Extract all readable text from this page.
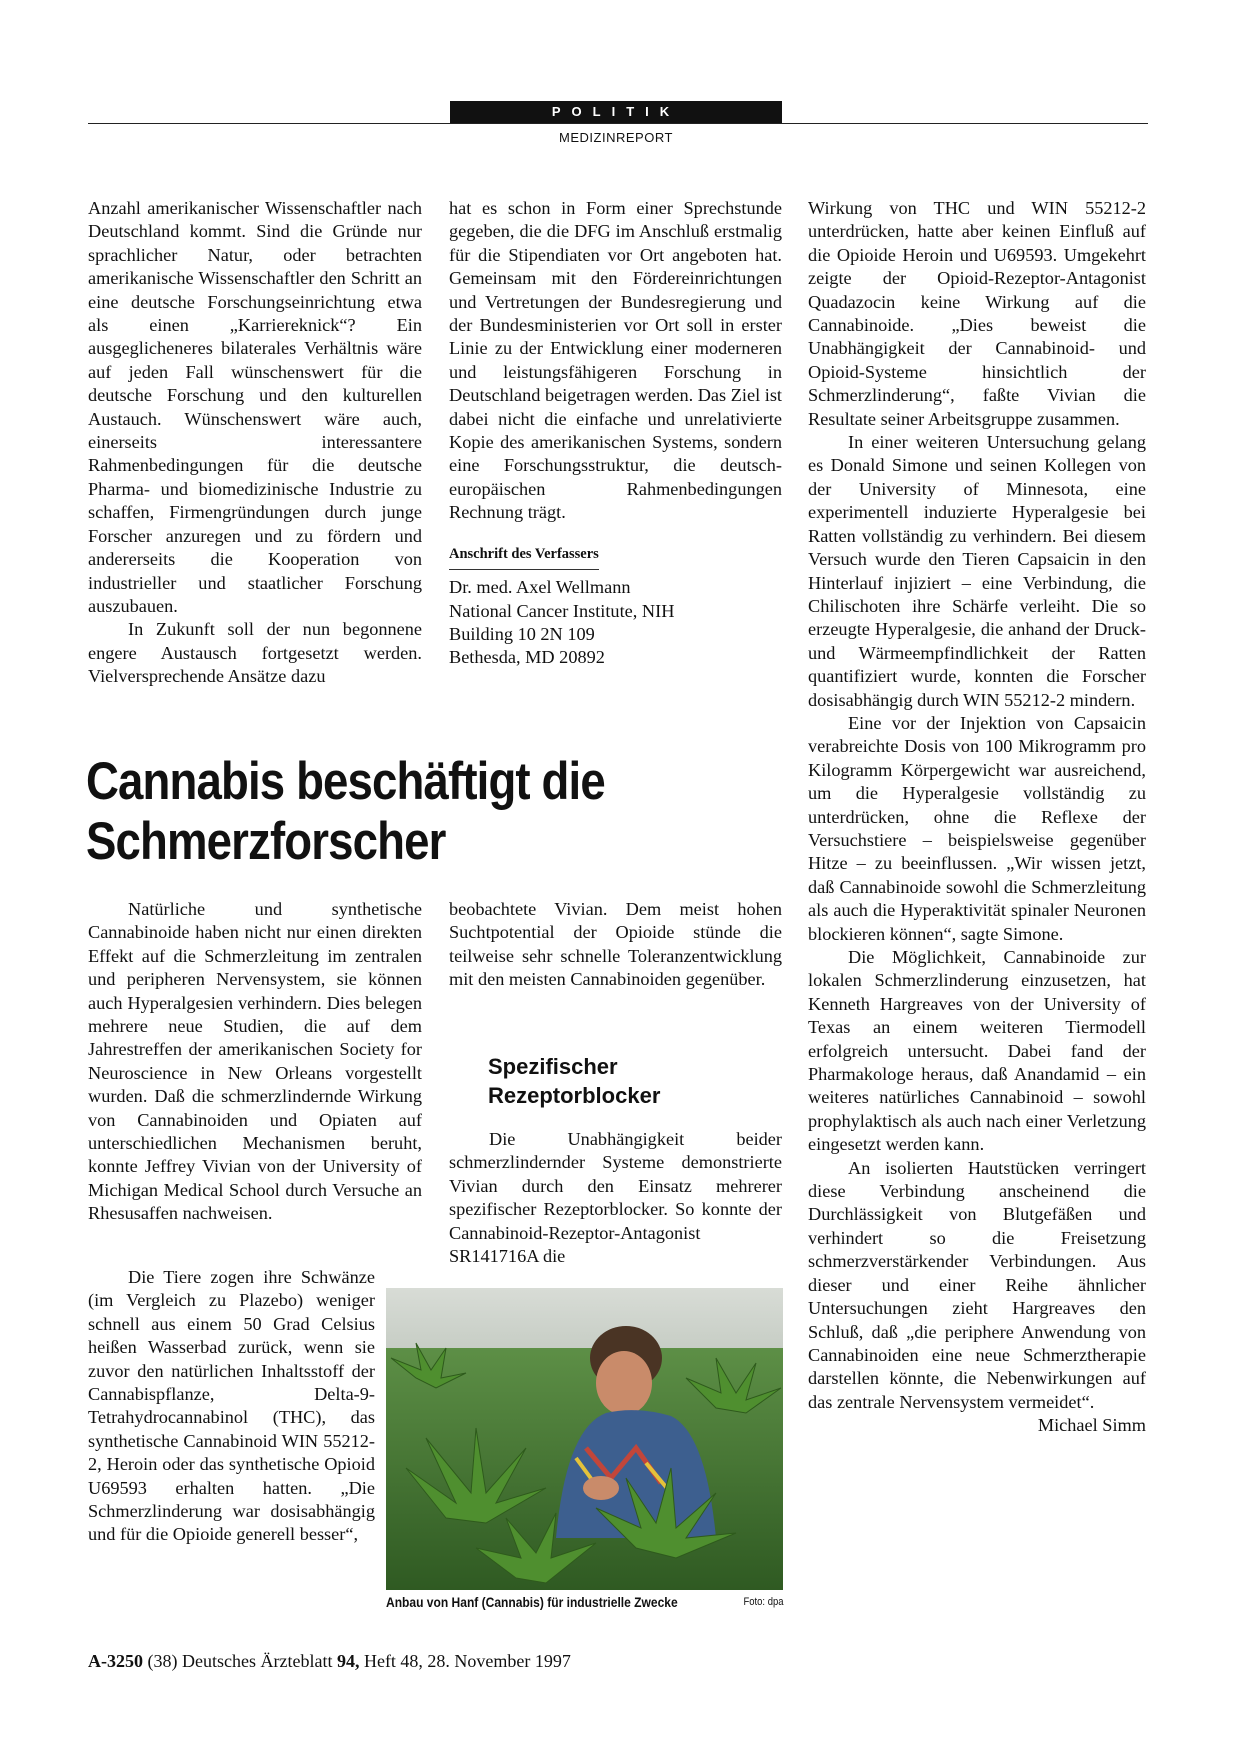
POLITIK
MEDIZINREPORT

Anzahl amerikanischer Wissenschaftler nach Deutschland kommt. Sind die Gründe nur sprachlicher Natur, oder betrachten amerikanische Wissenschaftler den Schritt an eine deutsche Forschungseinrichtung etwa als einen „Karriereknick“? Ein ausgeglicheneres bilaterales Verhältnis wäre auf jeden Fall wünschenswert für die deutsche Forschung und den kulturellen Austauch. Wünschenswert wäre auch, einerseits interessantere Rahmenbedingungen für die deutsche Pharma- und biomedizinische Industrie zu schaffen, Firmengründungen durch junge Forscher anzuregen und zu fördern und andererseits die Kooperation von industrieller und staatlicher Forschung auszubauen.

In Zukunft soll der nun begonnene engere Austausch fortgesetzt werden. Vielversprechende Ansätze dazu

hat es schon in Form einer Sprechstunde gegeben, die die DFG im Anschluß erstmalig für die Stipendiaten vor Ort angeboten hat. Gemeinsam mit den Fördereinrichtungen und Vertretungen der Bundesregierung und der Bundesministerien vor Ort soll in erster Linie zu der Entwicklung einer moderneren und leistungsfähigeren Forschung in Deutschland beigetragen werden. Das Ziel ist dabei nicht die einfache und unrelativierte Kopie des amerikanischen Systems, sondern eine Forschungsstruktur, die deutsch-europäischen Rahmenbedingungen Rechnung trägt.

Anschrift des Verfassers

Dr. med. Axel Wellmann

National Cancer Institute, NIH

Building 10 2N 109

Bethesda, MD 20892

Cannabis beschäftigt die
Schmerzforscher

Natürliche und synthetische Cannabinoide haben nicht nur einen direkten Effekt auf die Schmerzleitung im zentralen und peripheren Nervensystem, sie können auch Hyperalgesien verhindern. Dies belegen mehrere neue Studien, die auf dem Jahrestreffen der amerikanischen Society for Neuroscience in New Orleans vorgestellt wurden. Daß die schmerzlindernde Wirkung von Cannabinoiden und Opiaten auf unterschiedlichen Mechanismen beruht, konnte Jeffrey Vivian von der University of Michigan Medical School durch Versuche an Rhesusaffen nachweisen.

Die Tiere zogen ihre Schwänze (im Vergleich zu Plazebo) weniger schnell aus einem 50 Grad Celsius heißen Wasserbad zurück, wenn sie zuvor den natürlichen Inhaltsstoff der Cannabispflanze, Delta-9-Tetrahydrocannabinol (THC), das synthetische Cannabinoid WIN 55212-2, Heroin oder das synthetische Opioid U69593 erhalten hatten. „Die Schmerzlinderung war dosisabhängig und für die Opioide generell besser“,

beobachtete Vivian. Dem meist hohen Suchtpotential der Opioide stünde die teilweise sehr schnelle Toleranzentwicklung mit den meisten Cannabinoiden gegenüber.

Spezifischer
Rezeptorblocker

Die Unabhängigkeit beider schmerzlindernder Systeme demonstrierte Vivian durch den Einsatz mehrerer spezifischer Rezeptorblocker. So konnte der Cannabinoid-Rezeptor-Antagonist SR141716A die

Wirkung von THC und WIN 55212-2 unterdrücken, hatte aber keinen Einfluß auf die Opioide Heroin und U69593. Umgekehrt zeigte der Opioid-Rezeptor-Antagonist Quadazocin keine Wirkung auf die Cannabinoide. „Dies beweist die Unabhängigkeit der Cannabinoid- und Opioid-Systeme hinsichtlich der Schmerzlinderung“, faßte Vivian die Resultate seiner Arbeitsgruppe zusammen.

In einer weiteren Untersuchung gelang es Donald Simone und seinen Kollegen von der University of Minnesota, eine experimentell induzierte Hyperalgesie bei Ratten vollständig zu verhindern. Bei diesem Versuch wurde den Tieren Capsaicin in den Hinterlauf injiziert – eine Verbindung, die Chilischoten ihre Schärfe verleiht. Die so erzeugte Hyperalgesie, die anhand der Druck- und Wärmeempfindlichkeit der Ratten quantifiziert wurde, konnten die Forscher dosisabhängig durch WIN 55212-2 mindern.

Eine vor der Injektion von Capsaicin verabreichte Dosis von 100 Mikrogramm pro Kilogramm Körpergewicht war ausreichend, um die Hyperalgesie vollständig zu unterdrücken, ohne die Reflexe der Versuchstiere – beispielsweise gegenüber Hitze – zu beeinflussen. „Wir wissen jetzt, daß Cannabinoide sowohl die Schmerzleitung als auch die Hyperaktivität spinaler Neuronen blockieren können“, sagte Simone.

Die Möglichkeit, Cannabinoide zur lokalen Schmerzlinderung einzusetzen, hat Kenneth Hargreaves von der University of Texas an einem weiteren Tiermodell erfolgreich untersucht. Dabei fand der Pharmakologe heraus, daß Anandamid – ein weiteres natürliches Cannabinoid – sowohl prophylaktisch als auch nach einer Verletzung eingesetzt werden kann.

An isolierten Hautstücken verringert diese Verbindung anscheinend die Durchlässigkeit von Blutgefäßen und verhindert so die Freisetzung schmerzverstärkender Verbindungen. Aus dieser und einer Reihe ähnlicher Untersuchungen zieht Hargreaves den Schluß, daß „die periphere Anwendung von Cannabinoiden eine neue Schmerztherapie darstellen könnte, die Nebenwirkungen auf das zentrale Nervensystem vermeidet“.
Michael Simm

Anbau von Hanf (Cannabis) für industrielle Zwecke	Foto: dpa
A-3250 (38) Deutsches Ärzteblatt 94, Heft 48, 28. November 1997
